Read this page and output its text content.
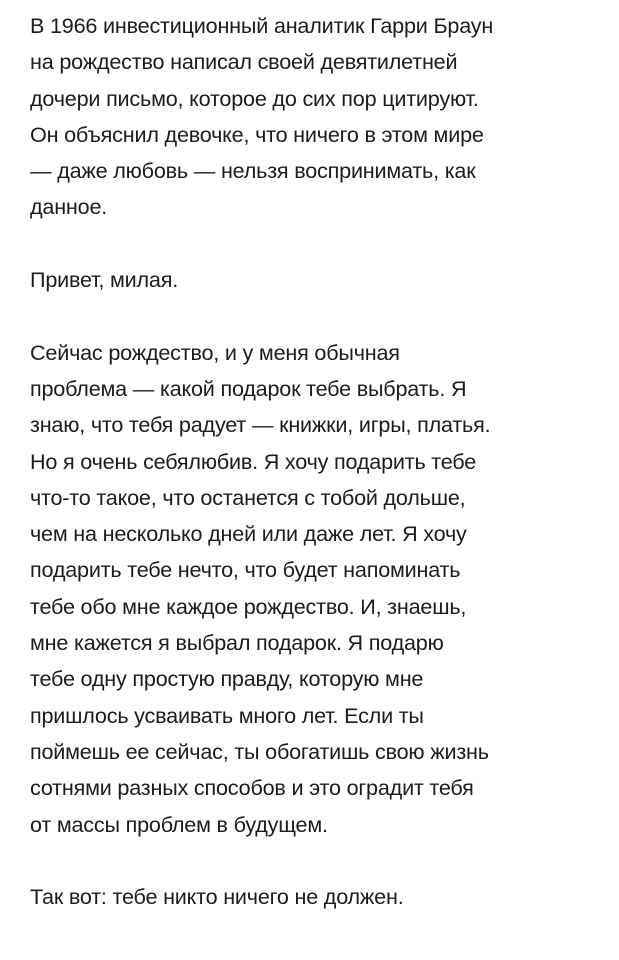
В 1966 инвестиционный аналитик Гарри Браун
на рождество написал своей девятилетней
дочери письмо, которое до сих пор цитируют.
Он объяснил девочке, что ничего в этом мире
— даже любовь — нельзя воспринимать, как
данное.
Привет, милая.
Сейчас рождество, и у меня обычная
проблема — какой подарок тебе выбрать. Я
знаю, что тебя радует — книжки, игры, платья.
Но я очень себялюбив. Я хочу подарить тебе
что-то такое, что останется с тобой дольше,
чем на несколько дней или даже лет. Я хочу
подарить тебе нечто, что будет напоминать
тебе обо мне каждое рождество. И, знаешь,
мне кажется я выбрал подарок. Я подарю
тебе одну простую правду, которую мне
пришлось усваивать много лет. Если ты
поймешь ее сейчас, ты обогатишь свою жизнь
сотнями разных способов и это оградит тебя
от массы проблем в будущем.
Так вот: тебе никто ничего не должен.
